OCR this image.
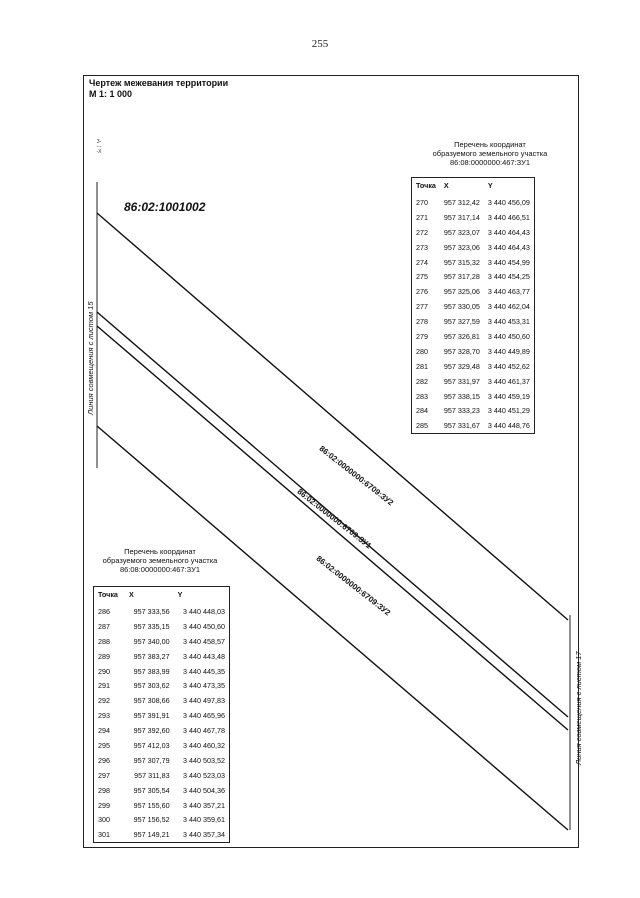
255
Чертеж межевания территории
М 1: 1 000
З-----Х
86:02:1001002
86:02:0000000:6709:ЗУ2
86:02:0000000:6709:ЗУ1
86:02:0000000:6709:ЗУ2
Линия совмещения с листом 15
Линия совмещения с листом 17
Перечень координат
образуемого земельного участка
86:08:0000000:467:ЗУ1
Точка	X	Y
270	957 312,42	3 440 456,09
271	957 317,14	3 440 466,51
272	957 323,07	3 440 464,43
273	957 323,06	3 440 464,43
274	957 315,32	3 440 454,99
275	957 317,28	3 440 454,25
276	957 325,06	3 440 463,77
277	957 330,05	3 440 462,04
278	957 327,59	3 440 453,31
279	957 326,81	3 440 450,60
280	957 328,70	3 440 449,89
281	957 329,48	3 440 452,62
282	957 331,97	3 440 461,37
283	957 338,15	3 440 459,19
284	957 333,23	3 440 451,29
285	957 331,67	3 440 448,76
Перечень координат
образуемого земельного участка
86:08:0000000:467:ЗУ1
Точка	X	Y
286	957 333,56	3 440 448,03
287	957 335,15	3 440 450,60
288	957 340,00	3 440 458,57
289	957 383,27	3 440 443,48
290	957 383,99	3 440 445,35
291	957 303,62	3 440 473,35
292	957 308,66	3 440 497,83
293	957 391,91	3 440 465,96
294	957 392,60	3 440 467,78
295	957 412,03	3 440 460,32
296	957 307,79	3 440 503,52
297	957 311,83	3 440 523,03
298	957 305,54	3 440 504,36
299	957 155,60	3 440 357,21
300	957 156,52	3 440 359,61
301	957 149,21	3 440 357,34
